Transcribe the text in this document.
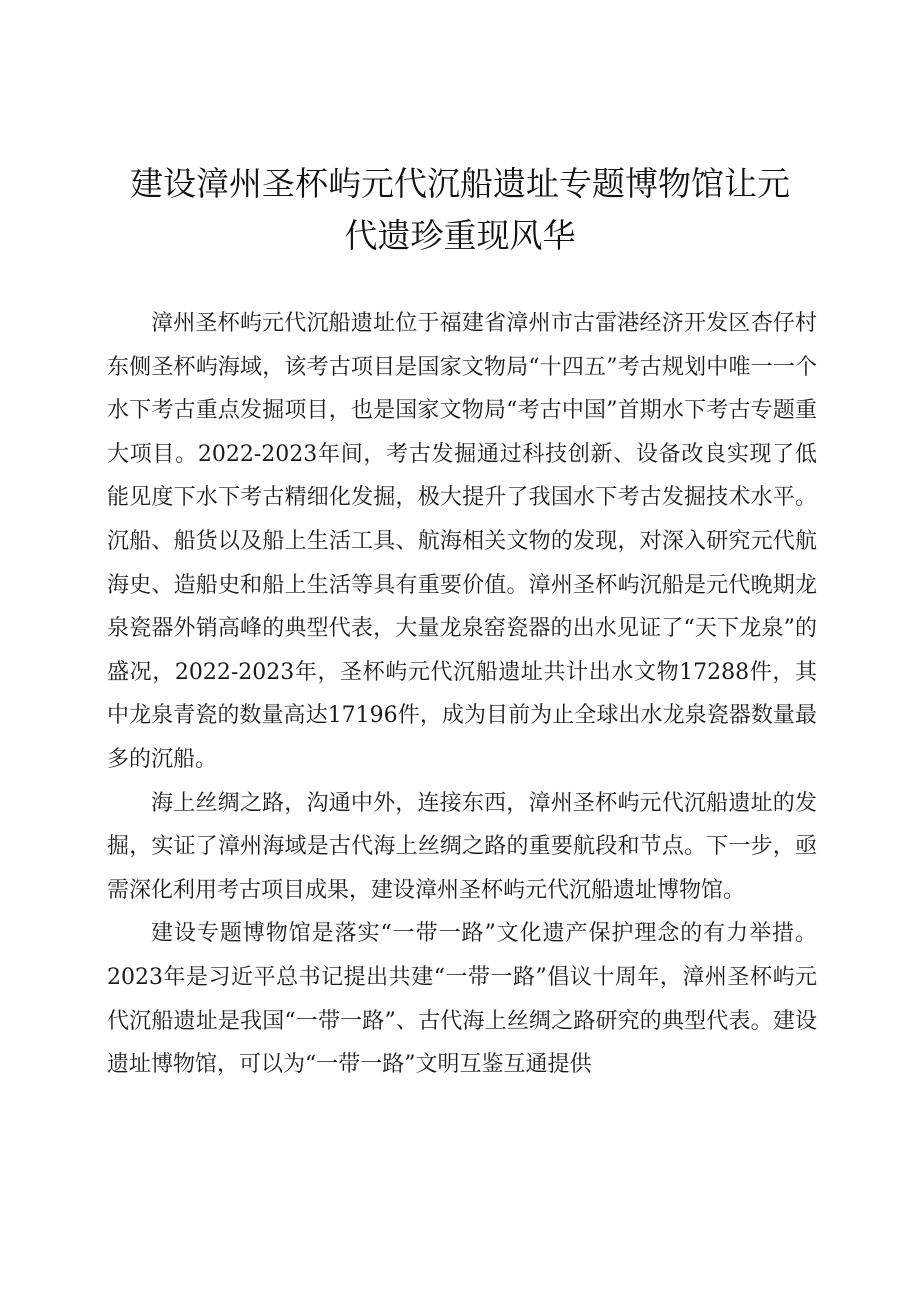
建设漳州圣杯屿元代沉船遗址专题博物馆让元
代遗珍重现风华

漳州圣杯屿元代沉船遗址位于福建省漳州市古雷港经济开发区杏仔村东侧圣杯屿海域，该考古项目是国家文物局“十四五”考古规划中唯一一个水下考古重点发掘项目，也是国家文物局“考古中国”首期水下考古专题重大项目。2022-2023年间，考古发掘通过科技创新、设备改良实现了低能见度下水下考古精细化发掘，极大提升了我国水下考古发掘技术水平。沉船、船货以及船上生活工具、航海相关文物的发现，对深入研究元代航海史、造船史和船上生活等具有重要价值。漳州圣杯屿沉船是元代晚期龙泉瓷器外销高峰的典型代表，大量龙泉窑瓷器的出水见证了“天下龙泉”的盛况，2022-2023年，圣杯屿元代沉船遗址共计出水文物17288件，其中龙泉青瓷的数量高达17196件，成为目前为止全球出水龙泉瓷器数量最多的沉船。

海上丝绸之路，沟通中外，连接东西，漳州圣杯屿元代沉船遗址的发掘，实证了漳州海域是古代海上丝绸之路的重要航段和节点。下一步，亟需深化利用考古项目成果，建设漳州圣杯屿元代沉船遗址博物馆。

建设专题博物馆是落实“一带一路”文化遗产保护理念的有力举措。2023年是习近平总书记提出共建“一带一路”倡议十周年，漳州圣杯屿元代沉船遗址是我国“一带一路”、古代海上丝绸之路研究的典型代表。建设遗址博物馆，可以为“一带一路”文明互鉴互通提供
